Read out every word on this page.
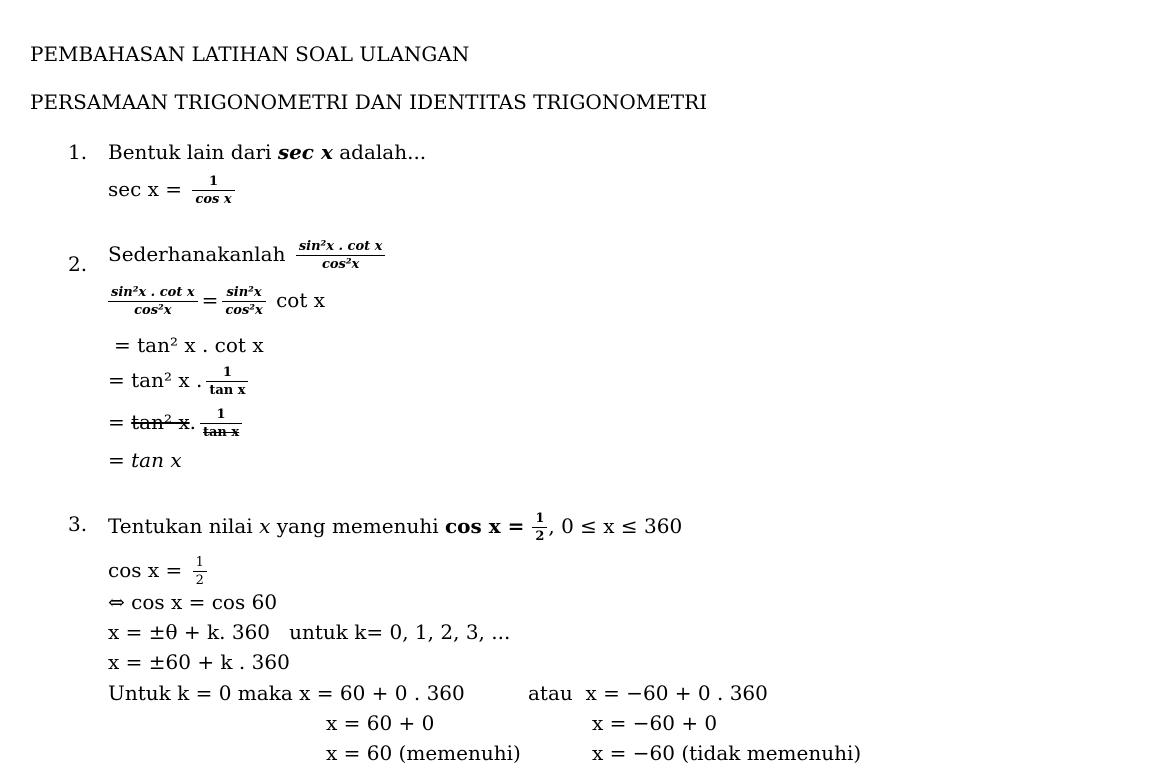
PEMBAHASAN LATIHAN SOAL ULANGAN
PERSAMAAN TRIGONOMETRI DAN IDENTITAS TRIGONOMETRI
1. Bentuk lain dari sec x adalah...
$\sec x = \frac{1}{\text{cos x}}$
2. Sederhanakanlah $\frac{\text{sin²x . cot x}}{\text{cos²x}}$
$\frac{\text{sin²x . cot x}}{\text{cos²x}} = \frac{\text{sin²x}}{\text{cos²x}}$ cot x
= tan² x . cot x
= tan² x . $\frac{1}{\text{tan x}}$
= tan² x. $\frac{1}{\text{tan x}}$
= tan x
3. Tentukan nilai x yang memenuhi $\cos x = \frac{1}{2}$ , 0 ≤ x ≤ 360
$\cos x = \frac{1}{2}$
⇔ cos x = cos 60
x = ±θ + k. 360   untuk k= 0, 1, 2, 3, ...
x = ±60 + k . 360
Untuk k = 0 maka x = 60 + 0 . 360	atau  x = −60 + 0 . 360
x = 60 + 0	x = −60 + 0
x = 60 (memenuhi)	x = −60 (tidak memenuhi)
